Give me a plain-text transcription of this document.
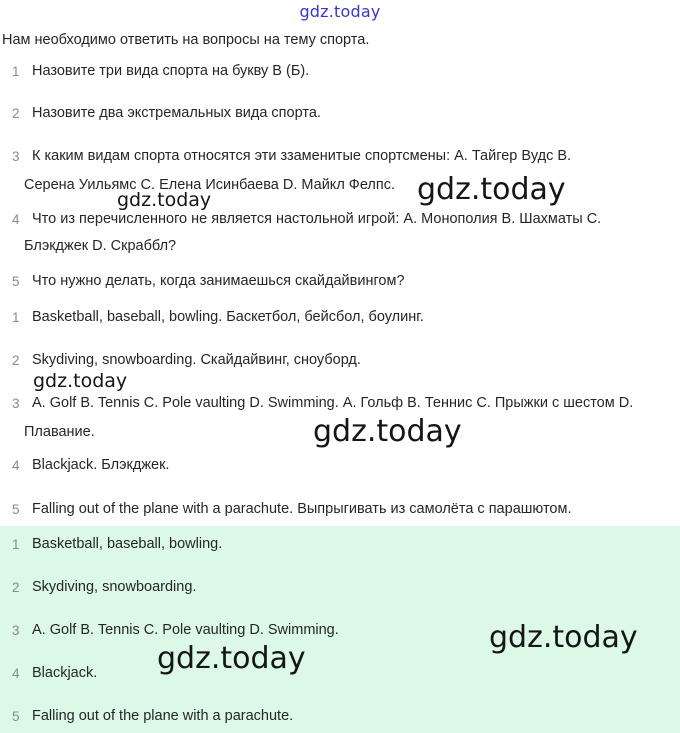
gdz.today
Нам необходимо ответить на вопросы на тему спорта.
1 Назовите три вида спорта на букву В (Б).
2 Назовите два экстремальных вида спорта.
3 К каким видам спорта относятся эти ззаменитые спортсмены: А. Тайгер Вудс В.
Серена Уильямс С. Елена Исинбаева D. Майкл Фелпс.
4 Что из перечисленного не является настольной игрой: А. Монополия В. Шахматы С.
Блэкджек D. Скраббл?
5 Что нужно делать, когда занимаешься скайдайвингом?
1 Basketball, baseball, bowling. Баскетбол, бейсбол, боулинг.
2 Skydiving, snowboarding. Скайдайвинг, сноуборд.
3 A. Golf B. Tennis C. Pole vaulting D. Swimming. А. Гольф В. Теннис С. Прыжки с шестом D.
Плавание.
4 Blackjack. Блэкджек.
5 Falling out of the plane with a parachute. Выпрыгивать из самолёта с парашютом.
1 Basketball, baseball, bowling.
2 Skydiving, snowboarding.
3 A. Golf B. Tennis C. Pole vaulting D. Swimming.
4 Blackjack.
5 Falling out of the plane with a parachute.
gdz.today
gdz.today
gdz.today
gdz.today
gdz.today
gdz.today
